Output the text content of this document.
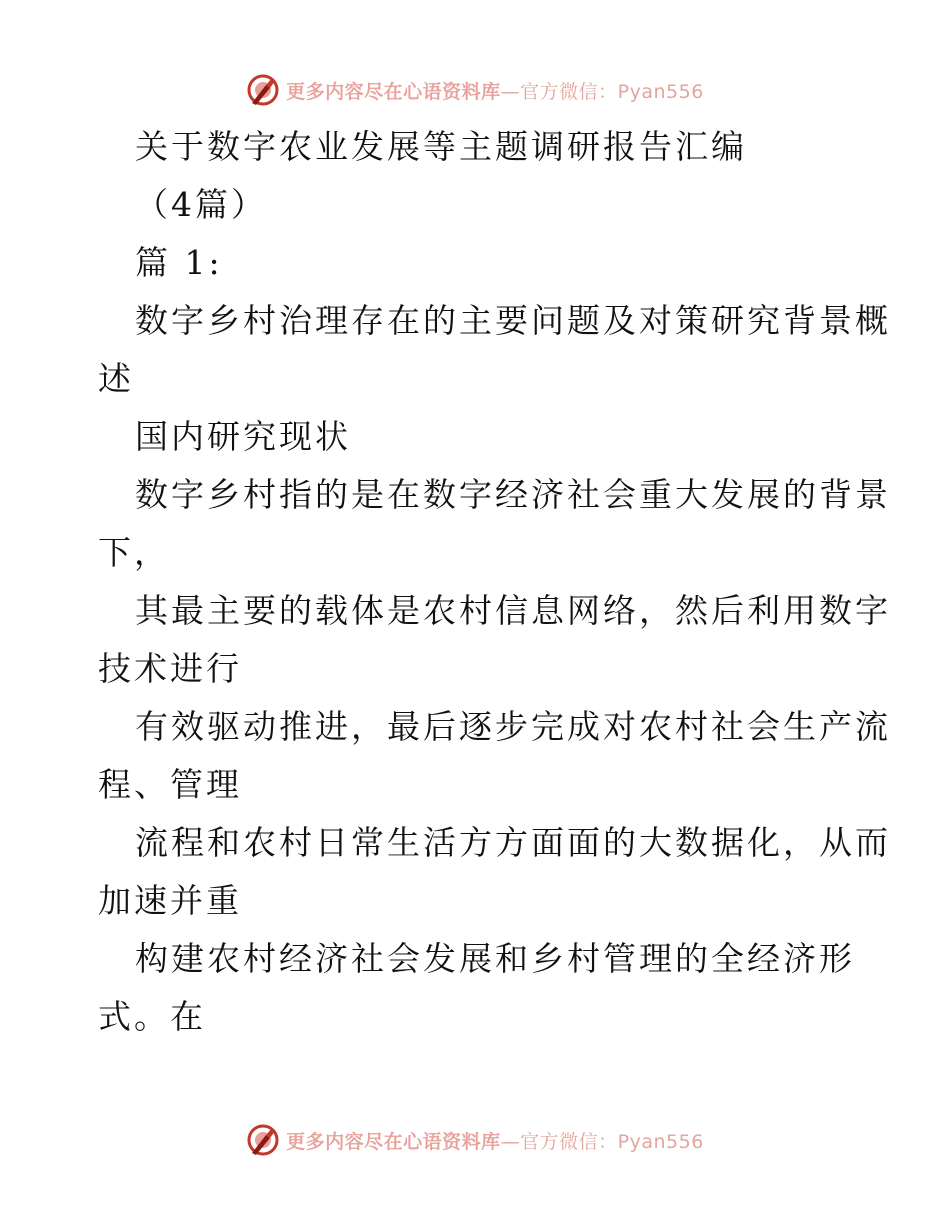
更多内容尽在心语资料库 —官方微信：Pyan556
关于数字农业发展等主题调研报告汇编
（4篇）
篇 1:
数字乡村治理存在的主要问题及对策研究背景概
述
国内研究现状
数字乡村指的是在数字经济社会重大发展的背景
下，
其最主要的载体是农村信息网络，然后利用数字
技术进行
有效驱动推进，最后逐步完成对农村社会生产流
程、管理
流程和农村日常生活方方面面的大数据化，从而
加速并重
构建农村经济社会发展和乡村管理的全经济形
式。在
更多内容尽在心语资料库 —官方微信：Pyan556
